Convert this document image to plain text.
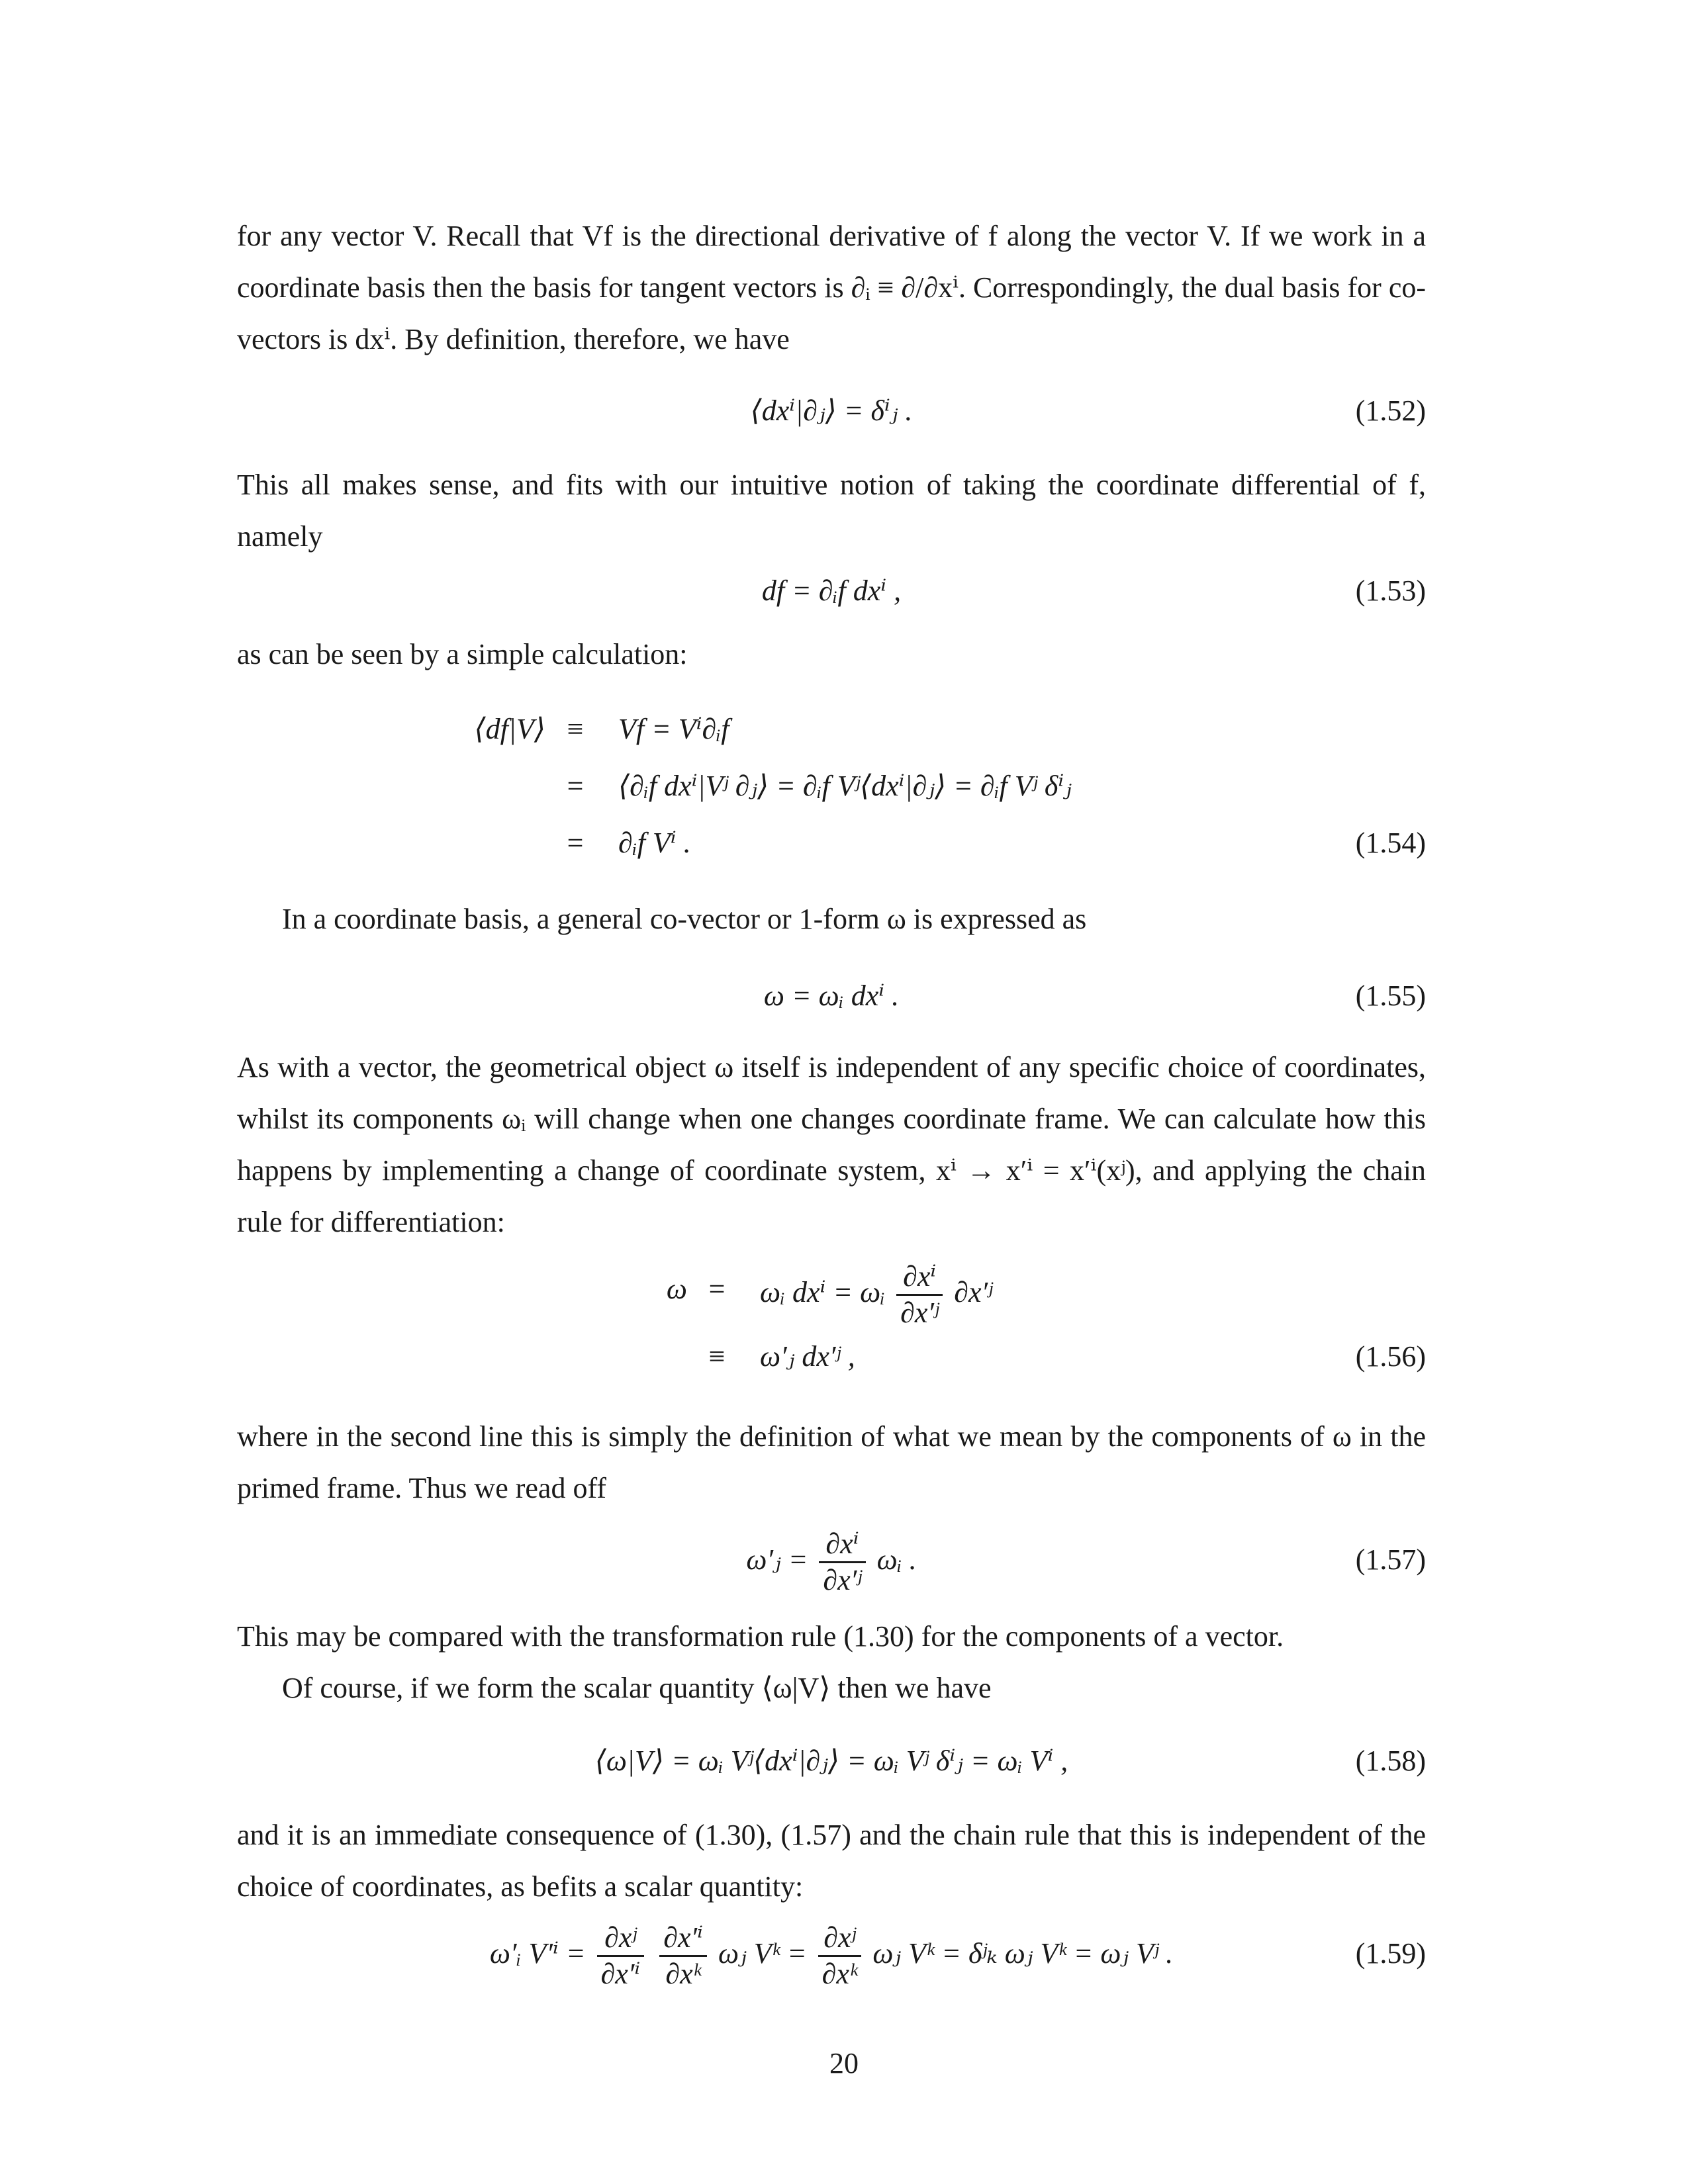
for any vector V. Recall that Vf is the directional derivative of f along the vector V. If we work in a coordinate basis then the basis for tangent vectors is ∂ᵢ ≡ ∂/∂xⁱ. Correspondingly, the dual basis for co-vectors is dxⁱ. By definition, therefore, we have

⟨dxⁱ|∂ⱼ⟩ = δⁱⱼ .	(1.52)

This all makes sense, and fits with our intuitive notion of taking the coordinate differential of f, namely

df = ∂ᵢf dxⁱ ,	(1.53)

as can be seen by a simple calculation:

⟨df|V⟩ ≡	Vf = Vⁱ∂ᵢf
=	⟨∂ᵢf dxⁱ|Vʲ ∂ⱼ⟩ = ∂ᵢf Vʲ⟨dxⁱ|∂ⱼ⟩ = ∂ᵢf Vʲ δⁱⱼ
=	∂ᵢf Vⁱ .	(1.54)

In a coordinate basis, a general co-vector or 1-form ω is expressed as

ω = ωᵢ dxⁱ .	(1.55)

As with a vector, the geometrical object ω itself is independent of any specific choice of coordinates, whilst its components ωᵢ will change when one changes coordinate frame. We can calculate how this happens by implementing a change of coordinate system, xⁱ → x′ⁱ = x′ⁱ(xʲ), and applying the chain rule for differentiation:

ω =	ωᵢ dxⁱ = ωᵢ $\frac{\text{∂xⁱ}}{\text{∂x′ʲ}}$ ∂x′ʲ
≡	ω′ⱼ dx′ʲ ,	(1.56)

where in the second line this is simply the definition of what we mean by the components of ω in the primed frame. Thus we read off

ω′ⱼ = $\frac{\text{∂xⁱ}}{\text{∂x′ʲ}}$ ωᵢ .	(1.57)

This may be compared with the transformation rule (1.30) for the components of a vector.

Of course, if we form the scalar quantity ⟨ω|V⟩ then we have

⟨ω|V⟩ = ωᵢ Vʲ⟨dxⁱ|∂ⱼ⟩ = ωᵢ Vʲ δⁱⱼ = ωᵢ Vⁱ ,	(1.58)

and it is an immediate consequence of (1.30), (1.57) and the chain rule that this is independent of the choice of coordinates, as befits a scalar quantity:

ω′ᵢ $V'^i = \frac{\text{∂xʲ}}{\text{∂x′ⁱ}}$
$\frac{\text{∂x′ⁱ}}{\text{∂xᵏ}}$ ωⱼ Vᵏ = $\frac{\text{∂xʲ}}{\text{∂xᵏ}}$ ωⱼ Vᵏ = δʲₖ ωⱼ Vᵏ = ωⱼ Vʲ .	(1.59)
20
